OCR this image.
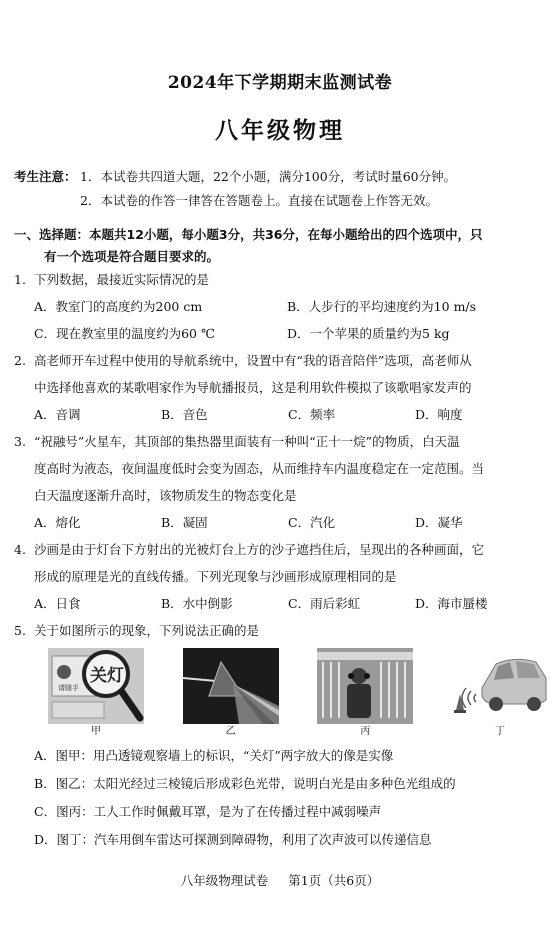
2024年下学期期末监测试卷
八年级物理
考生注意： 1．本试卷共四道大题，22个小题，满分100分，考试时量60分钟。
2．本试卷的作答一律答在答题卷上。直接在试题卷上作答无效。
一、选择题：本题共12小题，每小题3分，共36分，在每小题给出的四个选项中，只
有一个选项是符合题目要求的。
1. 下列数据，最接近实际情况的是
A．教室门的高度约为200 cm	B．人步行的平均速度约为10 m/s
C．现在教室里的温度约为60 ℃	D．一个苹果的质量约为5 kg
2. 高老师开车过程中使用的导航系统中，设置中有“我的语音陪伴”选项，高老师从
中选择他喜欢的某歌唱家作为导航播报员，这是利用软件模拟了该歌唱家发声的
A．音调	B．音色	C．频率	D．响度
3. “祝融号”火星车，其顶部的集热器里面装有一种叫“正十一烷”的物质，白天温
度高时为液态，夜间温度低时会变为固态，从而维持车内温度稳定在一定范围。当
白天温度逐渐升高时，该物质发生的物态变化是
A．熔化	B．凝固	C．汽化	D．凝华
4. 沙画是由于灯台下方射出的光被灯台上方的沙子遮挡住后，呈现出的各种画面，它
形成的原理是光的直线传播。下列光现象与沙画形成原理相同的是
A．日食	B．水中倒影	C．雨后彩虹	D．海市蜃楼
5. 关于如图所示的现象，下列说法正确的是
请随手
关灯
甲	乙	丙	丁
A．图甲：用凸透镜观察墙上的标识，“关灯”两字放大的像是实像
B．图乙：太阳光经过三棱镜后形成彩色光带，说明白光是由多种色光组成的
C．图丙：工人工作时佩戴耳罩，是为了在传播过程中减弱噪声
D．图丁：汽车用倒车雷达可探测到障碍物，利用了次声波可以传递信息
八年级物理试卷 第1页（共6页）
